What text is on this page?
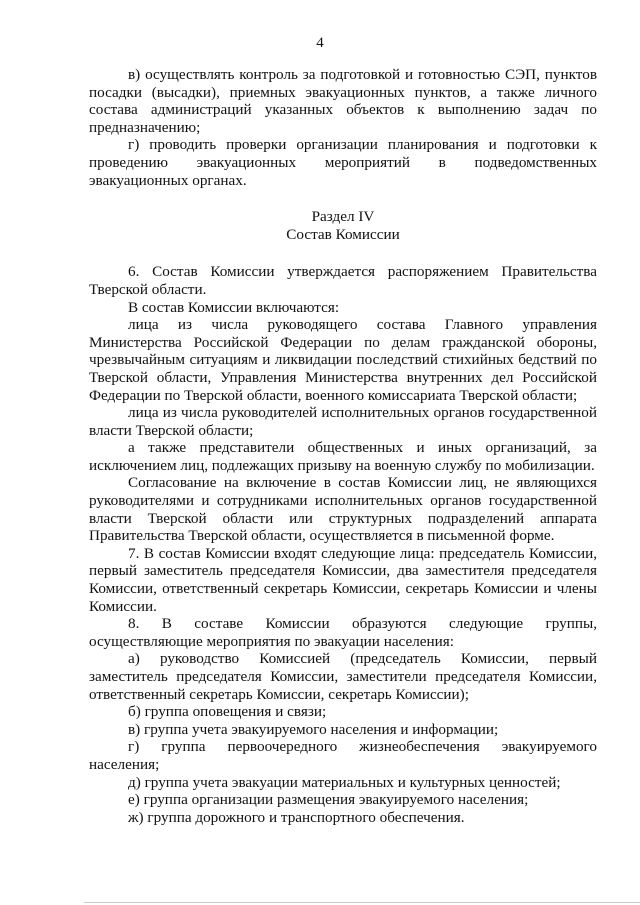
4

в) осуществлять контроль за подготовкой и готовностью СЭП, пунктов посадки (высадки), приемных эвакуационных пунктов, а также личного состава администраций указанных объектов к выполнению задач по предназначению;

г) проводить проверки организации планирования и подготовки к проведению эвакуационных мероприятий в подведомственных эвакуационных органах.

Раздел IV

Состав Комиссии

6. Состав Комиссии утверждается распоряжением Правительства Тверской области.

В состав Комиссии включаются:

лица из числа руководящего состава Главного управления Министерства Российской Федерации по делам гражданской обороны, чрезвычайным ситуациям и ликвидации последствий стихийных бедствий по Тверской области, Управления Министерства внутренних дел Российской Федерации по Тверской области, военного комиссариата Тверской области;

лица из числа руководителей исполнительных органов государственной власти Тверской области;

а также представители общественных и иных организаций, за исключением лиц, подлежащих призыву на военную службу по мобилизации.

Согласование на включение в состав Комиссии лиц, не являющихся руководителями и сотрудниками исполнительных органов государственной власти Тверской области или структурных подразделений аппарата Правительства Тверской области, осуществляется в письменной форме.

7. В состав Комиссии входят следующие лица: председатель Комиссии, первый заместитель председателя Комиссии, два заместителя председателя Комиссии, ответственный секретарь Комиссии, секретарь Комиссии и члены Комиссии.

8. В составе Комиссии образуются следующие группы, осуществляющие мероприятия по эвакуации населения:

а) руководство Комиссией (председатель Комиссии, первый заместитель председателя Комиссии, заместители председателя Комиссии, ответственный секретарь Комиссии, секретарь Комиссии);

б) группа оповещения и связи;

в) группа учета эвакуируемого населения и информации;

г) группа первоочередного жизнеобеспечения эвакуируемого населения;

д) группа учета эвакуации материальных и культурных ценностей;

е) группа организации размещения эвакуируемого населения;

ж) группа дорожного и транспортного обеспечения.
